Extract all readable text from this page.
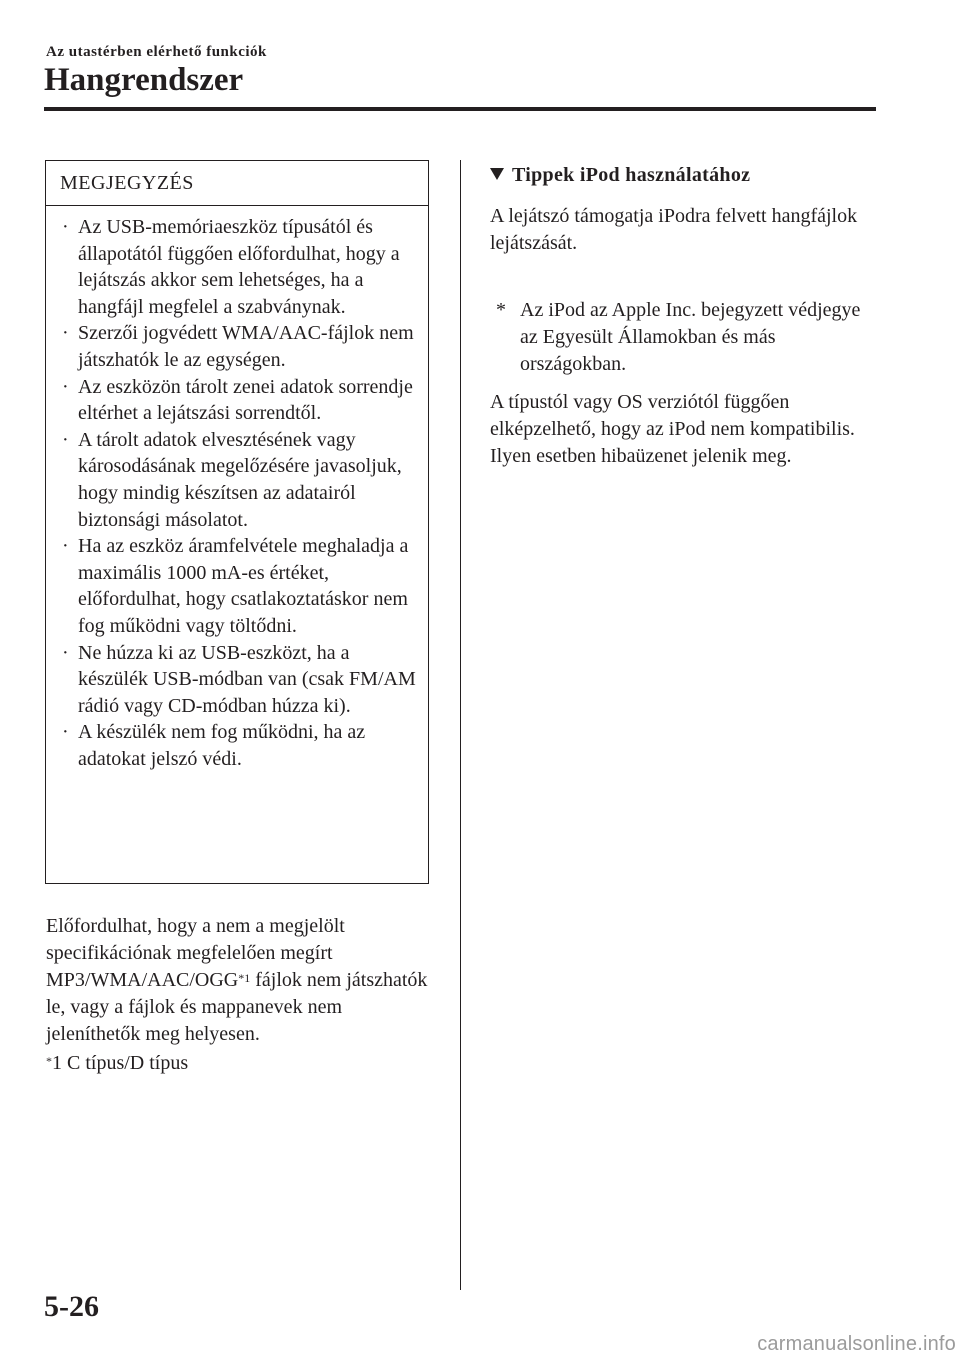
Az utastérben elérhető funkciók
Hangrendszer
MEGJEGYZÉS
· Az USB-memóriaeszköz típusától és állapotától függően előfordulhat, hogy a lejátszás akkor sem lehetséges, ha a hangfájl megfelel a szabványnak.
· Szerzői jogvédett WMA/AAC-fájlok nem játszhatók le az egységen.
· Az eszközön tárolt zenei adatok sorrendje eltérhet a lejátszási sorrendtől.
· A tárolt adatok elvesztésének vagy károsodásának megelőzésére javasoljuk, hogy mindig készítsen az adatairól biztonsági másolatot.
· Ha az eszköz áramfelvétele meghaladja a maximális 1000 mA-es értéket, előfordulhat, hogy csatlakoztatáskor nem fog működni vagy töltődni.
· Ne húzza ki az USB-eszközt, ha a készülék USB-módban van (csak FM/AM rádió vagy CD-módban húzza ki).
· A készülék nem fog működni, ha az adatokat jelszó védi.

Előfordulhat, hogy a nem a megjelölt specifikációnak megfelelően megírt MP3/WMA/AAC/OGG$^{*1}$ fájlok nem játszhatók le, vagy a fájlok és mappanevek nem jeleníthetők meg helyesen.

*1 C típus/D típus
Tippek iPod használatához

A lejátszó támogatja iPodra felvett hangfájlok lejátszását.

* Az iPod az Apple Inc. bejegyzett védjegye az Egyesült Államokban és más országokban.

A típustól vagy OS verziótól függően elképzelhető, hogy az iPod nem kompatibilis. Ilyen esetben hibaüzenet jelenik meg.

5-26
carmanualsonline.info
